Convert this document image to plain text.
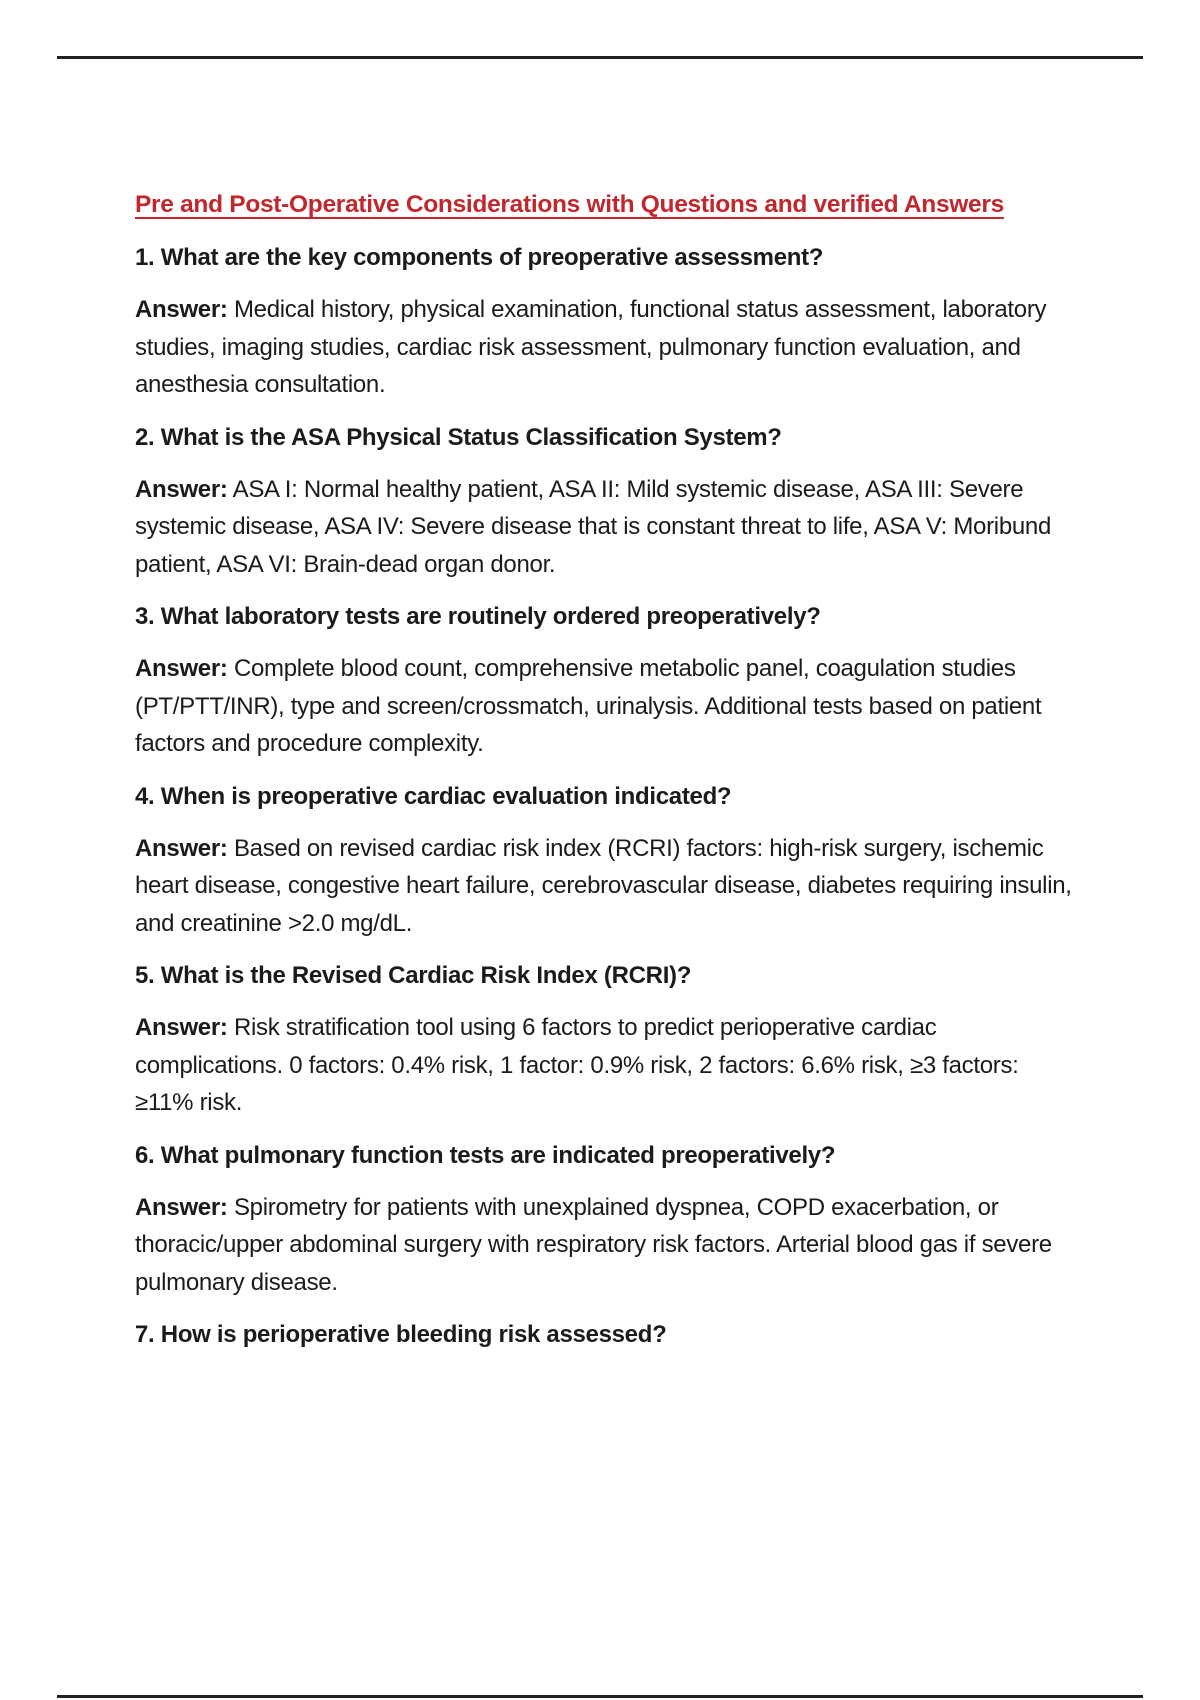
Pre and Post-Operative Considerations with Questions and verified Answers
1. What are the key components of preoperative assessment?

Answer: Medical history, physical examination, functional status assessment, laboratory studies, imaging studies, cardiac risk assessment, pulmonary function evaluation, and anesthesia consultation.

2. What is the ASA Physical Status Classification System?

Answer: ASA I: Normal healthy patient, ASA II: Mild systemic disease, ASA III: Severe systemic disease, ASA IV: Severe disease that is constant threat to life, ASA V: Moribund patient, ASA VI: Brain-dead organ donor.

3. What laboratory tests are routinely ordered preoperatively?

Answer: Complete blood count, comprehensive metabolic panel, coagulation studies (PT/PTT/INR), type and screen/crossmatch, urinalysis. Additional tests based on patient factors and procedure complexity.

4. When is preoperative cardiac evaluation indicated?

Answer: Based on revised cardiac risk index (RCRI) factors: high-risk surgery, ischemic heart disease, congestive heart failure, cerebrovascular disease, diabetes requiring insulin, and creatinine >2.0 mg/dL.

5. What is the Revised Cardiac Risk Index (RCRI)?

Answer: Risk stratification tool using 6 factors to predict perioperative cardiac complications. 0 factors: 0.4% risk, 1 factor: 0.9% risk, 2 factors: 6.6% risk, ≥3 factors: ≥11% risk.

6. What pulmonary function tests are indicated preoperatively?

Answer: Spirometry for patients with unexplained dyspnea, COPD exacerbation, or thoracic/upper abdominal surgery with respiratory risk factors. Arterial blood gas if severe pulmonary disease.

7. How is perioperative bleeding risk assessed?
